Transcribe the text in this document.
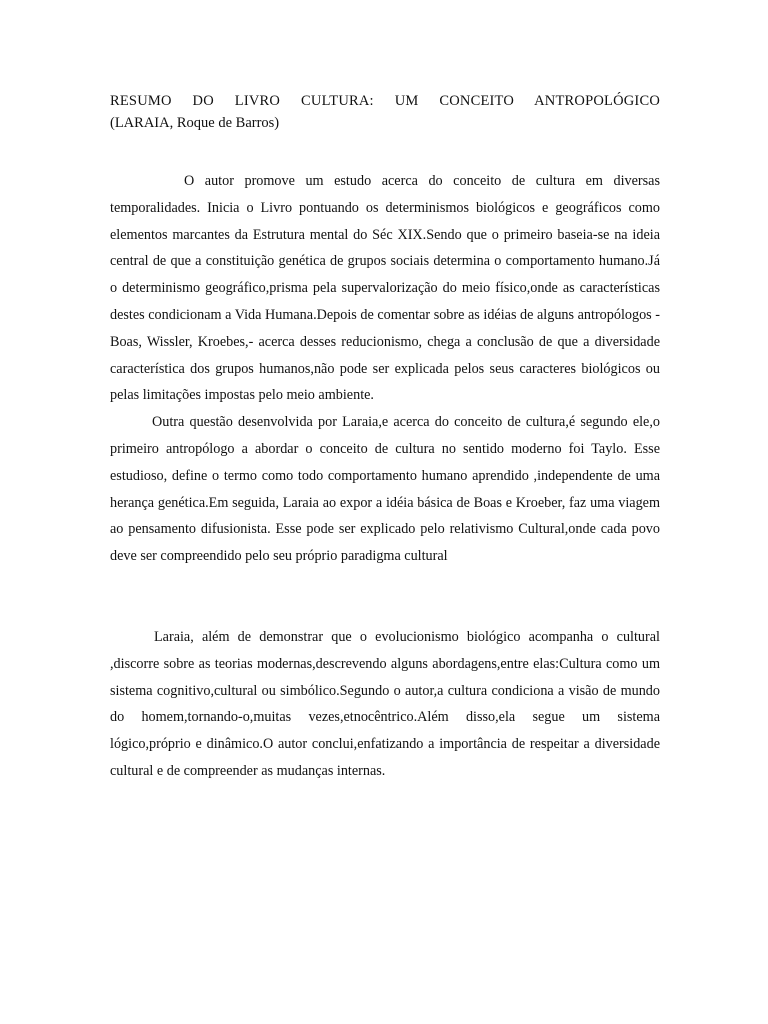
RESUMO DO LIVRO CULTURA: UM CONCEITO ANTROPOLÓGICO

(LARAIA, Roque de Barros)

O autor promove um estudo acerca do conceito de cultura em diversas temporalidades. Inicia o Livro pontuando os determinismos biológicos e geográficos como elementos marcantes da Estrutura mental do Séc XIX.Sendo que o primeiro baseia-se na ideia central de que a constituição genética de grupos sociais determina o comportamento humano.Já o determinismo geográfico,prisma pela supervalorização do meio físico,onde as características destes condicionam a Vida Humana.Depois de comentar sobre as idéias de alguns antropólogos - Boas, Wissler, Kroebes,- acerca desses reducionismo, chega a conclusão de que a diversidade característica dos grupos humanos,não pode ser explicada pelos seus caracteres biológicos ou pelas limitações impostas pelo meio ambiente.

Outra questão desenvolvida por Laraia,e acerca do conceito de cultura,é segundo ele,o primeiro antropólogo a abordar o conceito de cultura no sentido moderno foi Taylo. Esse estudioso, define o termo como todo comportamento humano aprendido ,independente de uma herança genética.Em seguida, Laraia ao expor a idéia básica de Boas e Kroeber, faz uma viagem ao pensamento difusionista. Esse pode ser explicado pelo relativismo Cultural,onde cada povo deve ser compreendido pelo seu próprio paradigma cultural

Laraia, além de demonstrar que o evolucionismo biológico acompanha o cultural ,discorre sobre as teorias modernas,descrevendo alguns abordagens,entre elas:Cultura como um sistema cognitivo,cultural ou simbólico.Segundo o autor,a cultura condiciona a visão de mundo do homem,tornando-o,muitas vezes,etnocêntrico.Além disso,ela segue um sistema lógico,próprio e dinâmico.O autor conclui,enfatizando a importância de respeitar a diversidade cultural e de compreender as mudanças internas.
